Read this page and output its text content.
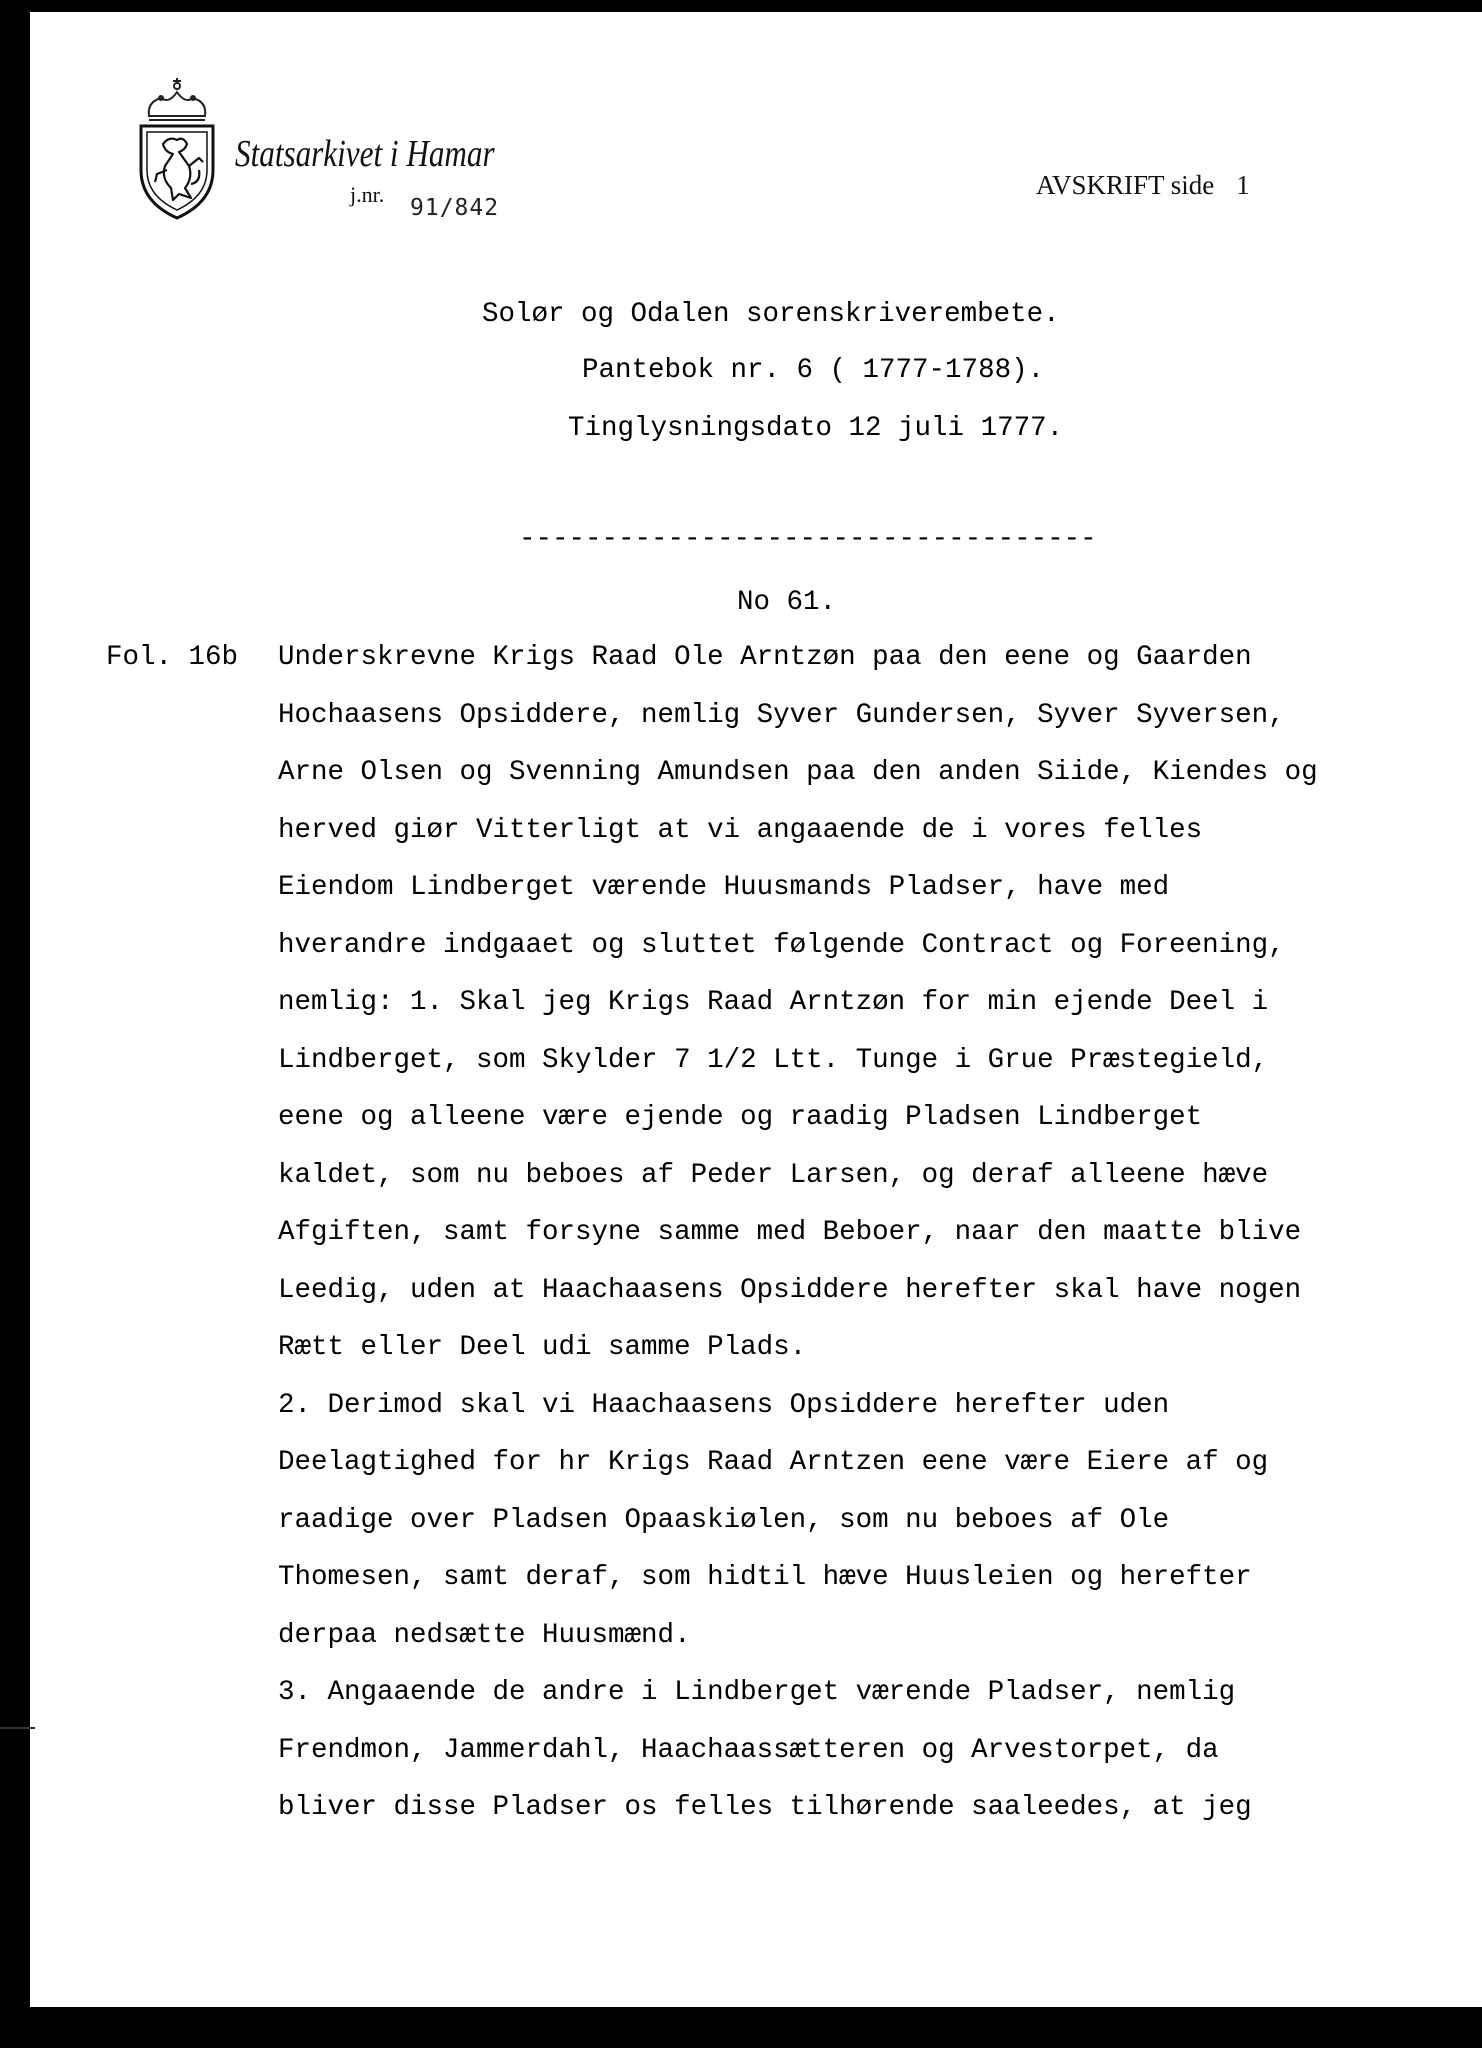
Statsarkivet i Hamar
j.nr.
91/842
AVSKRIFT side 1
Solør og Odalen sorenskriverembete.
Pantebok nr. 6 ( 1777-1788).
Tinglysningsdato 12 juli 1777.
-----------------------------------
No 61.
Fol. 16b Underskrevne Krigs Raad Ole Arntzøn paa den eene og Gaarden
Hochaasens Opsiddere, nemlig Syver Gundersen, Syver Syversen,
Arne Olsen og Svenning Amundsen paa den anden Siide, Kiendes og
herved giør Vitterligt at vi angaaende de i vores felles
Eiendom Lindberget værende Huusmands Pladser, have med
hverandre indgaaet og sluttet følgende Contract og Foreening,
nemlig: 1. Skal jeg Krigs Raad Arntzøn for min ejende Deel i
Lindberget, som Skylder 7 1/2 Ltt. Tunge i Grue Præstegield,
eene og alleene være ejende og raadig Pladsen Lindberget
kaldet, som nu beboes af Peder Larsen, og deraf alleene hæve
Afgiften, samt forsyne samme med Beboer, naar den maatte blive
Leedig, uden at Haachaasens Opsiddere herefter skal have nogen
Rætt eller Deel udi samme Plads.
2. Derimod skal vi Haachaasens Opsiddere herefter uden
Deelagtighed for hr Krigs Raad Arntzen eene være Eiere af og
raadige over Pladsen Opaaskiølen, som nu beboes af Ole
Thomesen, samt deraf, som hidtil hæve Huusleien og herefter
derpaa nedsætte Huusmænd.
3. Angaaende de andre i Lindberget værende Pladser, nemlig
Frendmon, Jammerdahl, Haachaassætteren og Arvestorpet, da
bliver disse Pladser os felles tilhørende saaleedes, at jeg
